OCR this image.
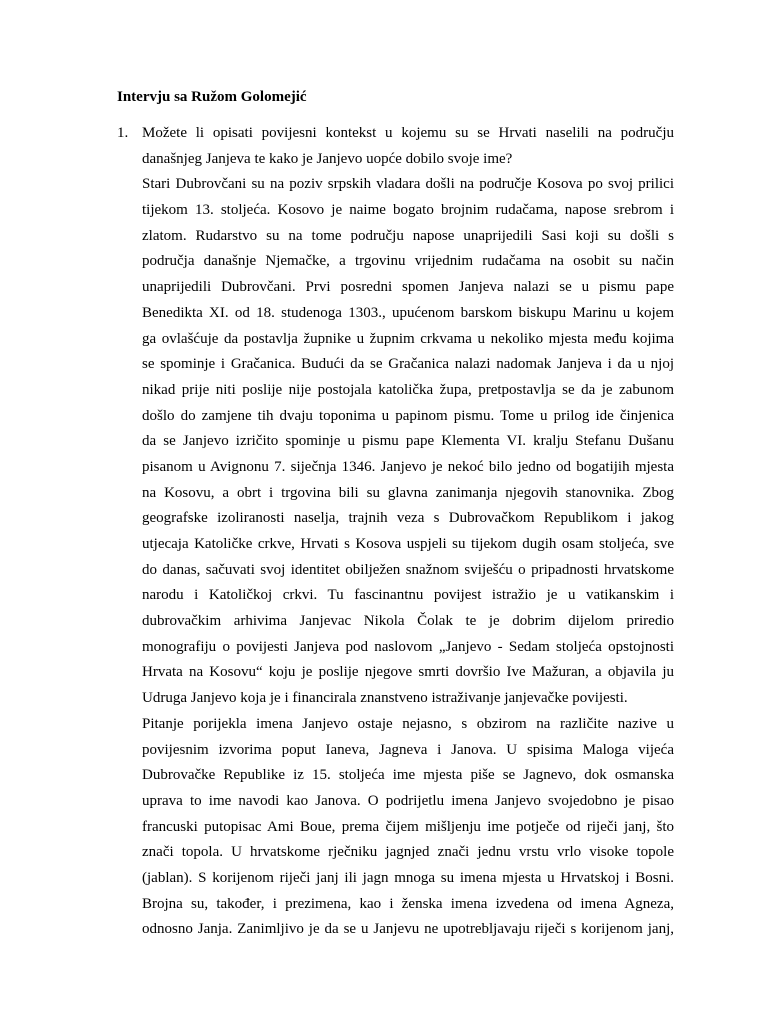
Intervju sa Ružom Golomejić
1. Možete li opisati povijesni kontekst u kojemu su se Hrvati naselili na području
današnjeg Janjeva te kako je Janjevo uopće dobilo svoje ime?
Stari Dubrovčani su na poziv srpskih vladara došli na područje Kosova po svoj prilici
tijekom 13. stoljeća. Kosovo je naime bogato brojnim rudačama, napose srebrom i
zlatom. Rudarstvo su na tome području napose unaprijedili Sasi koji su došli s
područja današnje Njemačke, a trgovinu vrijednim rudačama na osobit su način
unaprijedili Dubrovčani. Prvi posredni spomen Janjeva nalazi se u pismu pape
Benedikta XI. od 18. studenoga 1303., upućenom barskom biskupu Marinu u kojem
ga ovlašćuje da postavlja župnike u župnim crkvama u nekoliko mjesta među kojima
se spominje i Gračanica. Budući da se Gračanica nalazi nadomak Janjeva i da u njoj
nikad prije niti poslije nije postojala katolička župa, pretpostavlja se da je zabunom
došlo do zamjene tih dvaju toponima u papinom pismu. Tome u prilog ide činjenica
da se Janjevo izričito spominje u pismu pape Klementa VI. kralju Stefanu Dušanu
pisanom u Avignonu 7. siječnja 1346. Janjevo je nekoć bilo jedno od bogatijih mjesta
na Kosovu, a obrt i trgovina bili su glavna zanimanja njegovih stanovnika. Zbog
geografske izoliranosti naselja, trajnih veza s Dubrovačkom Republikom i jakog
utjecaja Katoličke crkve, Hrvati s Kosova uspjeli su tijekom dugih osam stoljeća, sve
do danas, sačuvati svoj identitet obilježen snažnom sviješću o pripadnosti hrvatskome
narodu i Katoličkoj crkvi. Tu fascinantnu povijest istražio je u vatikanskim i
dubrovačkim arhivima Janjevac Nikola Čolak te je dobrim dijelom priredio
monografiju o povijesti Janjeva pod naslovom „Janjevo - Sedam stoljeća opstojnosti
Hrvata na Kosovu“ koju je poslije njegove smrti dovršio Ive Mažuran, a objavila ju
Udruga Janjevo koja je i financirala znanstveno istraživanje janjevačke povijesti.
Pitanje porijekla imena Janjevo ostaje nejasno, s obzirom na različite nazive u
povijesnim izvorima poput Ianeva, Jagneva i Janova. U spisima Maloga vijeća
Dubrovačke Republike iz 15. stoljeća ime mjesta piše se Jagnevo, dok osmanska
uprava to ime navodi kao Janova. O podrijetlu imena Janjevo svojedobno je pisao
francuski putopisac Ami Boue, prema čijem mišljenju ime potječe od riječi janj, što
znači topola. U hrvatskome rječniku jagnjed znači jednu vrstu vrlo visoke topole
(jablan). S korijenom riječi janj ili jagn mnoga su imena mjesta u Hrvatskoj i Bosni.
Brojna su, također, i prezimena, kao i ženska imena izvedena od imena Agneza,
odnosno Janja. Zanimljivo je da se u Janjevu ne upotrebljavaju riječi s korijenom janj,
